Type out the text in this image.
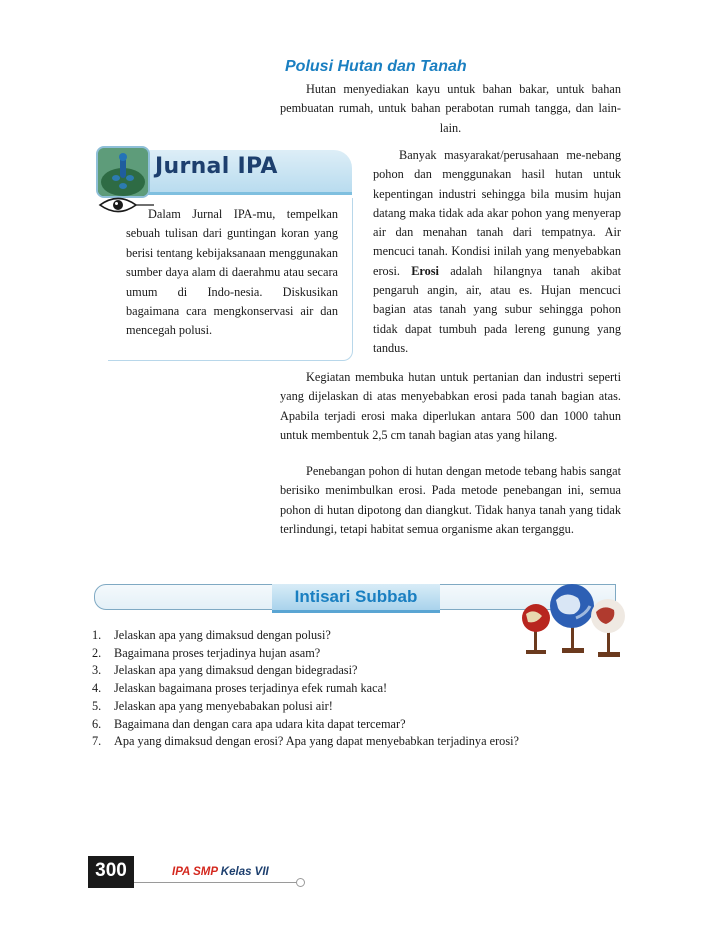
Polusi Hutan dan Tanah

Hutan menyediakan kayu untuk bahan bakar, untuk bahan pembuatan rumah, untuk bahan perabotan rumah tangga, dan lain-lain.

Jurnal IPA

Dalam Jurnal IPA-mu, tempelkan sebuah tulisan dari guntingan koran yang berisi tentang kebijaksanaan menggunakan sumber daya alam di daerahmu atau secara umum di Indo-nesia. Diskusikan bagaimana cara mengkonservasi air dan mencegah polusi.

Banyak masyarakat/perusahaan me-nebang pohon dan menggunakan hasil hutan untuk kepentingan industri sehingga bila musim hujan datang maka tidak ada akar pohon yang menyerap air dan menahan tanah dari tempatnya. Air mencuci tanah. Kondisi inilah yang menyebabkan erosi. Erosi adalah hilangnya tanah akibat pengaruh angin, air, atau es. Hujan mencuci bagian atas tanah yang subur sehingga pohon tidak dapat tumbuh pada lereng gunung yang tandus.

Kegiatan membuka hutan untuk pertanian dan industri seperti yang dijelaskan di atas menyebabkan erosi pada tanah bagian atas. Apabila terjadi erosi maka diperlukan antara 500 dan 1000 tahun untuk membentuk 2,5 cm tanah bagian atas yang hilang.

Penebangan pohon di hutan dengan metode tebang habis sangat berisiko menimbulkan erosi. Pada metode penebangan ini, semua pohon di hutan dipotong dan diangkut. Tidak hanya tanah yang tidak terlindungi, tetapi habitat semua organisme akan terganggu.

Intisari Subbab
1. Jelaskan apa yang dimaksud dengan polusi?
2. Bagaimana proses terjadinya hujan asam?
3. Jelaskan apa yang dimaksud dengan bidegradasi?
4. Jelaskan bagaimana proses terjadinya efek rumah kaca!
5. Jelaskan apa yang menyebabakan polusi air!
6. Bagaimana dan dengan cara apa udara kita dapat tercemar?
7. Apa yang dimaksud dengan erosi? Apa yang dapat menyebabkan terjadinya erosi?
300	IPA SMP Kelas VII
